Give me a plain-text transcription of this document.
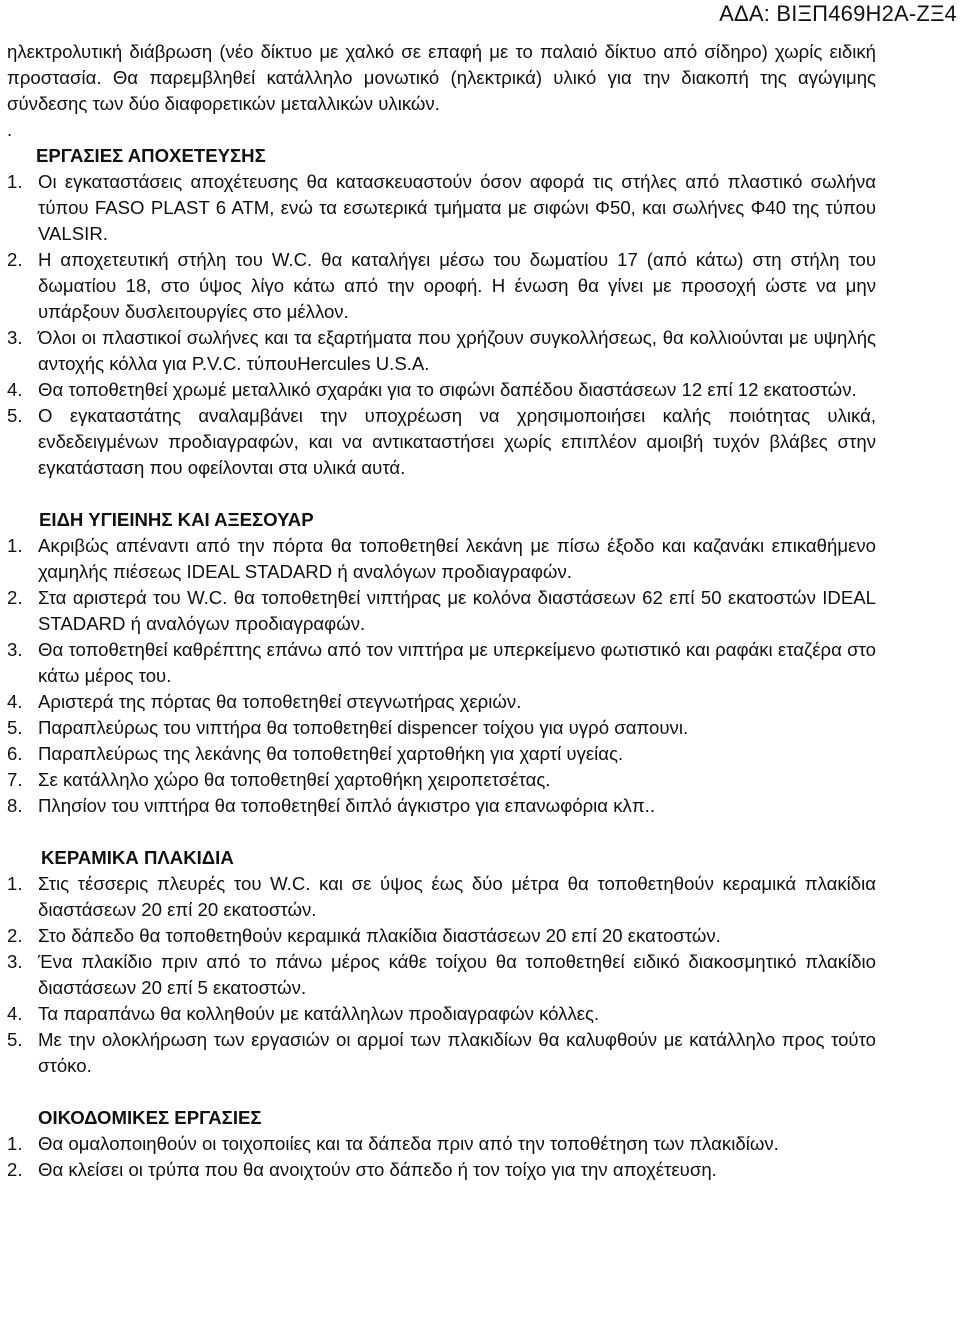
ΑΔΑ: ΒΙΞΠ469Η2Α-ΖΞ4
ηλεκτρολυτική διάβρωση (νέο δίκτυο με χαλκό σε επαφή με το παλαιό δίκτυο από σίδηρο) χωρίς ειδική προστασία. Θα παρεμβληθεί κατάλληλο μονωτικό (ηλεκτρικά) υλικό για την διακοπή της αγώγιμης σύνδεσης των δύο διαφορετικών μεταλλικών υλικών.
.
ΕΡΓΑΣΙΕΣ ΑΠΟΧΕΤΕΥΣΗΣ
1. Οι εγκαταστάσεις αποχέτευσης θα κατασκευαστούν όσον αφορά τις στήλες από πλαστικό σωλήνα τύπου FASO PLAST 6 ATM, ενώ τα εσωτερικά τμήματα με σιφώνι Φ50, και σωλήνες Φ40 της τύπου VALSIR.
2. Η αποχετευτική στήλη του W.C. θα καταλήγει μέσω του δωματίου 17 (από κάτω) στη στήλη του δωματίου 18, στο ύψος λίγο κάτω από την οροφή. Η ένωση θα γίνει με προσοχή ώστε να μην υπάρξουν δυσλειτουργίες στο μέλλον.
3. Όλοι οι πλαστικοί σωλήνες και τα εξαρτήματα που χρήζουν συγκολλήσεως, θα κολλιούνται με υψηλής αντοχής κόλλα για P.V.C. τύπουHercules U.S.A.
4. Θα τοποθετηθεί χρωμέ μεταλλικό σχαράκι για το σιφώνι δαπέδου διαστάσεων 12 επί 12 εκατοστών.
5. Ο εγκαταστάτης αναλαμβάνει την υποχρέωση να χρησιμοποιήσει καλής ποιότητας υλικά, ενδεδειγμένων προδιαγραφών, και να αντικαταστήσει χωρίς επιπλέον αμοιβή τυχόν βλάβες στην εγκατάσταση που οφείλονται στα υλικά αυτά.
ΕΙΔΗ ΥΓΙΕΙΝΗΣ ΚΑΙ ΑΞΕΣΟΥΑΡ
1. Ακριβώς απέναντι από την πόρτα θα τοποθετηθεί λεκάνη με πίσω έξοδο και καζανάκι επικαθήμενο χαμηλής πιέσεως IDEAL STADARD ή αναλόγων προδιαγραφών.
2. Στα αριστερά του W.C. θα τοποθετηθεί νιπτήρας με κολόνα διαστάσεων 62 επί 50 εκατοστών IDEAL STADARD ή αναλόγων προδιαγραφών.
3. Θα τοποθετηθεί καθρέπτης επάνω από τον νιπτήρα με υπερκείμενο φωτιστικό και ραφάκι εταζέρα στο κάτω μέρος του.
4. Αριστερά της πόρτας θα τοποθετηθεί στεγνωτήρας χεριών.
5. Παραπλεύρως του νιπτήρα θα τοποθετηθεί dispencer τοίχου για υγρό σαπουνι.
6. Παραπλεύρως της λεκάνης θα τοποθετηθεί χαρτοθήκη για χαρτί υγείας.
7. Σε κατάλληλο χώρο θα τοποθετηθεί χαρτοθήκη χειροπετσέτας.
8. Πλησίον του νιπτήρα θα τοποθετηθεί διπλό άγκιστρο για επανωφόρια κλπ..
ΚΕΡΑΜΙΚΑ ΠΛΑΚΙΔΙΑ
1. Στις τέσσερις πλευρές του W.C. και σε ύψος έως δύο μέτρα θα τοποθετηθούν κεραμικά πλακίδια διαστάσεων 20 επί 20 εκατοστών.
2. Στο δάπεδο θα τοποθετηθούν κεραμικά πλακίδια διαστάσεων 20 επί 20 εκατοστών.
3. Ένα πλακίδιο πριν από το πάνω μέρος κάθε τοίχου θα τοποθετηθεί ειδικό διακοσμητικό πλακίδιο διαστάσεων 20 επί 5 εκατοστών.
4. Τα παραπάνω θα κολληθούν με κατάλληλων προδιαγραφών κόλλες.
5. Με την ολοκλήρωση των εργασιών οι αρμοί των πλακιδίων θα καλυφθούν με κατάλληλο προς τούτο στόκο.
ΟΙΚΟΔΟΜΙΚΕΣ ΕΡΓΑΣΙΕΣ
1. Θα ομαλοποιηθούν οι τοιχοποιίες και τα δάπεδα πριν από την τοποθέτηση των πλακιδίων.
2. Θα κλείσει οι τρύπα που θα ανοιχτούν στο δάπεδο ή τον τοίχο για την αποχέτευση.
